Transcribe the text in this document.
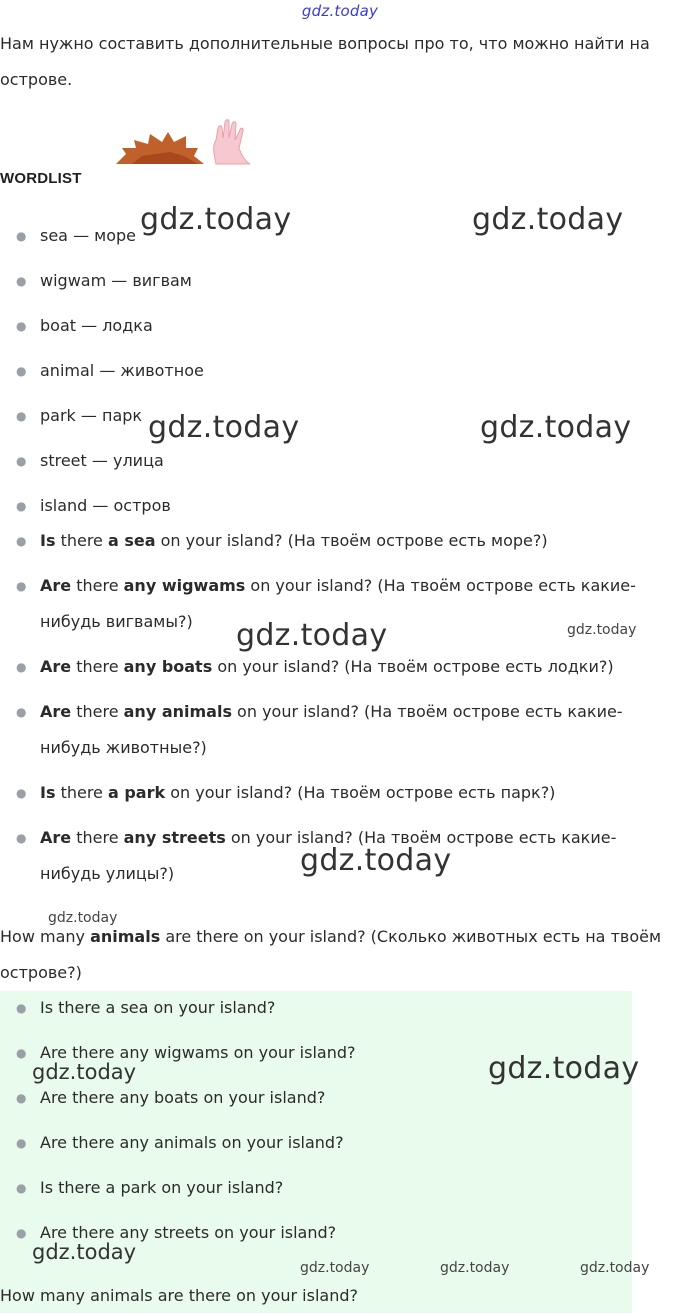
gdz.today
Нам нужно составить дополнительные вопросы про то, что можно найти на острове.
WORDLIST
● sea — море
● wigwam — вигвам
● boat — лодка
● animal — животное
● park — парк
● street — улица
● island — остров
● Is there a sea on your island? (На твоём острове есть море?)
● Are there any wigwams on your island? (На твоём острове есть какие-нибудь вигвамы?)
● Are there any boats on your island? (На твоём острове есть лодки?)
● Are there any animals on your island? (На твоём острове есть какие-нибудь животные?)
● Is there a park on your island? (На твоём острове есть парк?)
● Are there any streets on your island? (На твоём острове есть какие-нибудь улицы?)
How many animals are there on your island? (Сколько животных есть на твоём острове?)
● Is there a sea on your island?
● Are there any wigwams on your island?
● Are there any boats on your island?
● Are there any animals on your island?
● Is there a park on your island?
● Are there any streets on your island?
How many animals are there on your island?
gdz.today	gdz.today
gdz.today	gdz.today
gdz.today	gdz.today
gdz.today
gdz.today
gdz.today	gdz.today
gdz.today
gdz.today	gdz.today	gdz.today
